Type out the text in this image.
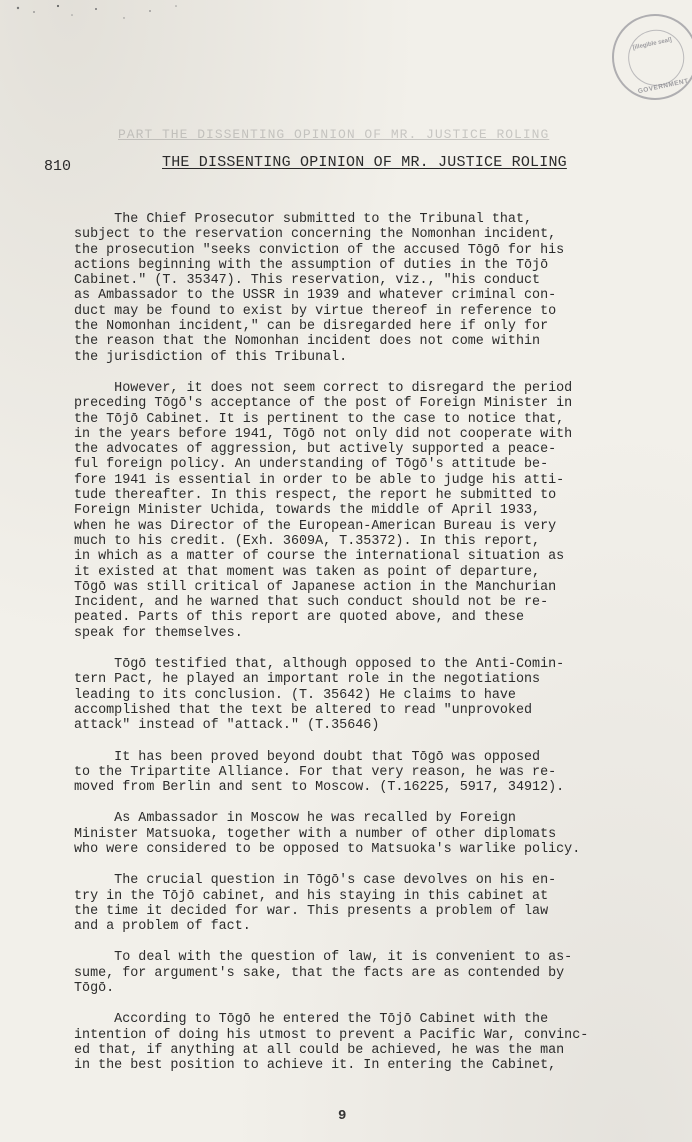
[illegible seal]
GOVERNMENT
PART THE DISSENTING OPINION OF MR. JUSTICE ROLING
810	THE DISSENTING OPINION OF MR. JUSTICE ROLING
The Chief Prosecutor submitted to the Tribunal that,
subject to the reservation concerning the Nomonhan incident,
the prosecution "seeks conviction of the accused Tōgō for his
actions beginning with the assumption of duties in the Tōjō
Cabinet." (T. 35347). This reservation, viz., "his conduct
as Ambassador to the USSR in 1939 and whatever criminal con-
duct may be found to exist by virtue thereof in reference to
the Nomonhan incident," can be disregarded here if only for
the reason that the Nomonhan incident does not come within
the jurisdiction of this Tribunal.
However, it does not seem correct to disregard the period
preceding Tōgō's acceptance of the post of Foreign Minister in
the Tōjō Cabinet. It is pertinent to the case to notice that,
in the years before 1941, Tōgō not only did not cooperate with
the advocates of aggression, but actively supported a peace-
ful foreign policy. An understanding of Tōgō's attitude be-
fore 1941 is essential in order to be able to judge his atti-
tude thereafter. In this respect, the report he submitted to
Foreign Minister Uchida, towards the middle of April 1933,
when he was Director of the European-American Bureau is very
much to his credit. (Exh. 3609A, T.35372). In this report,
in which as a matter of course the international situation as
it existed at that moment was taken as point of departure,
Tōgō was still critical of Japanese action in the Manchurian
Incident, and he warned that such conduct should not be re-
peated. Parts of this report are quoted above, and these
speak for themselves.
Tōgō testified that, although opposed to the Anti-Comin-
tern Pact, he played an important role in the negotiations
leading to its conclusion. (T. 35642) He claims to have
accomplished that the text be altered to read "unprovoked
attack" instead of "attack." (T.35646)
It has been proved beyond doubt that Tōgō was opposed
to the Tripartite Alliance. For that very reason, he was re-
moved from Berlin and sent to Moscow. (T.16225, 5917, 34912).
As Ambassador in Moscow he was recalled by Foreign
Minister Matsuoka, together with a number of other diplomats
who were considered to be opposed to Matsuoka's warlike policy.
The crucial question in Tōgō's case devolves on his en-
try in the Tōjō cabinet, and his staying in this cabinet at
the time it decided for war. This presents a problem of law
and a problem of fact.
To deal with the question of law, it is convenient to as-
sume, for argument's sake, that the facts are as contended by
Tōgō.
According to Tōgō he entered the Tōjō Cabinet with the
intention of doing his utmost to prevent a Pacific War, convinc-
ed that, if anything at all could be achieved, he was the man
in the best position to achieve it. In entering the Cabinet,
9
